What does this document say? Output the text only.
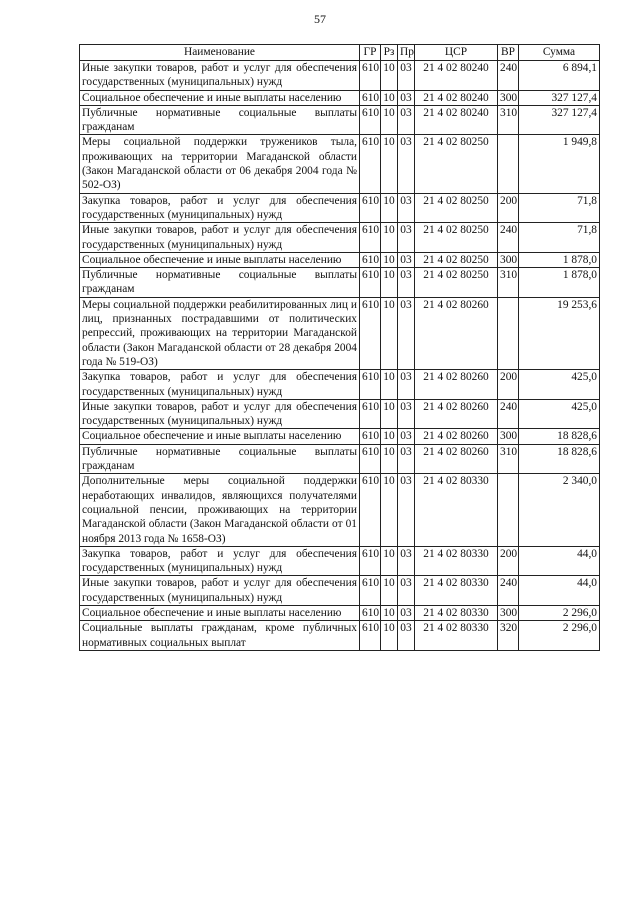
57
Наименование	ГР	Рз	Пр	ЦСР	ВР	Сумма
Иные закупки товаров, работ и услуг для обеспечения государственных (муниципальных) нужд	610	10	03	21 4 02 80240	240	6 894,1
Социальное обеспечение и иные выплаты населению	610	10	03	21 4 02 80240	300	327 127,4
Публичные нормативные социальные выплаты гражданам	610	10	03	21 4 02 80240	310	327 127,4
Меры социальной поддержки тружеников тыла, проживающих на территории Магаданской области (Закон Магаданской области от 06 декабря 2004 года № 502-ОЗ)	610	10	03	21 4 02 80250		1 949,8
Закупка товаров, работ и услуг для обеспечения государственных (муниципальных) нужд	610	10	03	21 4 02 80250	200	71,8
Иные закупки товаров, работ и услуг для обеспечения государственных (муниципальных) нужд	610	10	03	21 4 02 80250	240	71,8
Социальное обеспечение и иные выплаты населению	610	10	03	21 4 02 80250	300	1 878,0
Публичные нормативные социальные выплаты гражданам	610	10	03	21 4 02 80250	310	1 878,0
Меры социальной поддержки реабилитированных лиц и лиц, признанных пострадавшими от политических репрессий, проживающих на территории Магаданской области (Закон Магаданской области от 28 декабря 2004 года № 519-ОЗ)	610	10	03	21 4 02 80260		19 253,6
Закупка товаров, работ и услуг для обеспечения государственных (муниципальных) нужд	610	10	03	21 4 02 80260	200	425,0
Иные закупки товаров, работ и услуг для обеспечения государственных (муниципальных) нужд	610	10	03	21 4 02 80260	240	425,0
Социальное обеспечение и иные выплаты населению	610	10	03	21 4 02 80260	300	18 828,6
Публичные нормативные социальные выплаты гражданам	610	10	03	21 4 02 80260	310	18 828,6
Дополнительные меры социальной поддержки неработающих инвалидов, являющихся получателями социальной пенсии, проживающих на территории Магаданской области (Закон Магаданской области от 01 ноября 2013 года № 1658-ОЗ)	610	10	03	21 4 02 80330		2 340,0
Закупка товаров, работ и услуг для обеспечения государственных (муниципальных) нужд	610	10	03	21 4 02 80330	200	44,0
Иные закупки товаров, работ и услуг для обеспечения государственных (муниципальных) нужд	610	10	03	21 4 02 80330	240	44,0
Социальное обеспечение и иные выплаты населению	610	10	03	21 4 02 80330	300	2 296,0
Социальные выплаты гражданам, кроме публичных нормативных социальных выплат	610	10	03	21 4 02 80330	320	2 296,0
